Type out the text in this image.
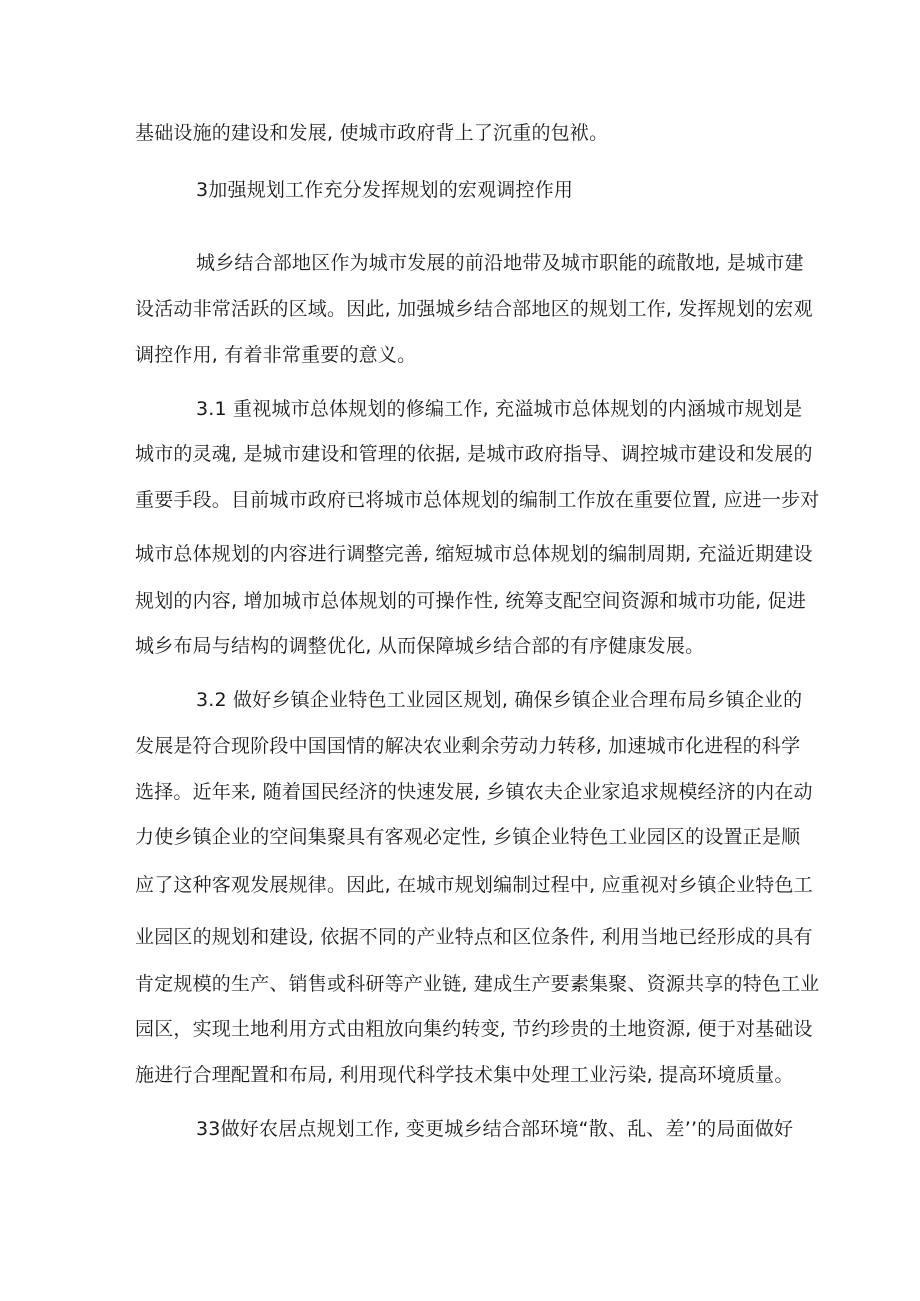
基础设施的建设和发展, 使城市政府背上了沉重的包袱。
3加强规划工作充分发挥规划的宏观调控作用
城乡结合部地区作为城市发展的前沿地带及城市职能的疏散地, 是城市建
设活动非常活跃的区域。因此, 加强城乡结合部地区的规划工作, 发挥规划的宏观
调控作用, 有着非常重要的意义。
3.1 重视城市总体规划的修编工作, 充溢城市总体规划的内涵城市规划是
城市的灵魂, 是城市建设和管理的依据, 是城市政府指导、调控城市建设和发展的
重要手段。目前城市政府已将城市总体规划的编制工作放在重要位置, 应进一步对
城市总体规划的内容进行调整完善, 缩短城市总体规划的编制周期, 充溢近期建设
规划的内容, 增加城市总体规划的可操作性, 统筹支配空间资源和城市功能, 促进
城乡布局与结构的调整优化, 从而保障城乡结合部的有序健康发展。
3.2 做好乡镇企业特色工业园区规划, 确保乡镇企业合理布局乡镇企业的
发展是符合现阶段中国国情的解决农业剩余劳动力转移, 加速城市化进程的科学
选择。近年来, 随着国民经济的快速发展, 乡镇农夫企业家追求规模经济的内在动
力使乡镇企业的空间集聚具有客观必定性, 乡镇企业特色工业园区的设置正是顺
应了这种客观发展规律。因此, 在城市规划编制过程中, 应重视对乡镇企业特色工
业园区的规划和建设, 依据不同的产业特点和区位条件, 利用当地已经形成的具有
肯定规模的生产、销售或科研等产业链, 建成生产要素集聚、资源共享的特色工业
园区，实现土地利用方式由粗放向集约转变, 节约珍贵的土地资源, 便于对基础设
施进行合理配置和布局, 利用现代科学技术集中处理工业污染, 提高环境质量。
33做好农居点规划工作, 变更城乡结合部环境“散、乱、差’’的局面做好
